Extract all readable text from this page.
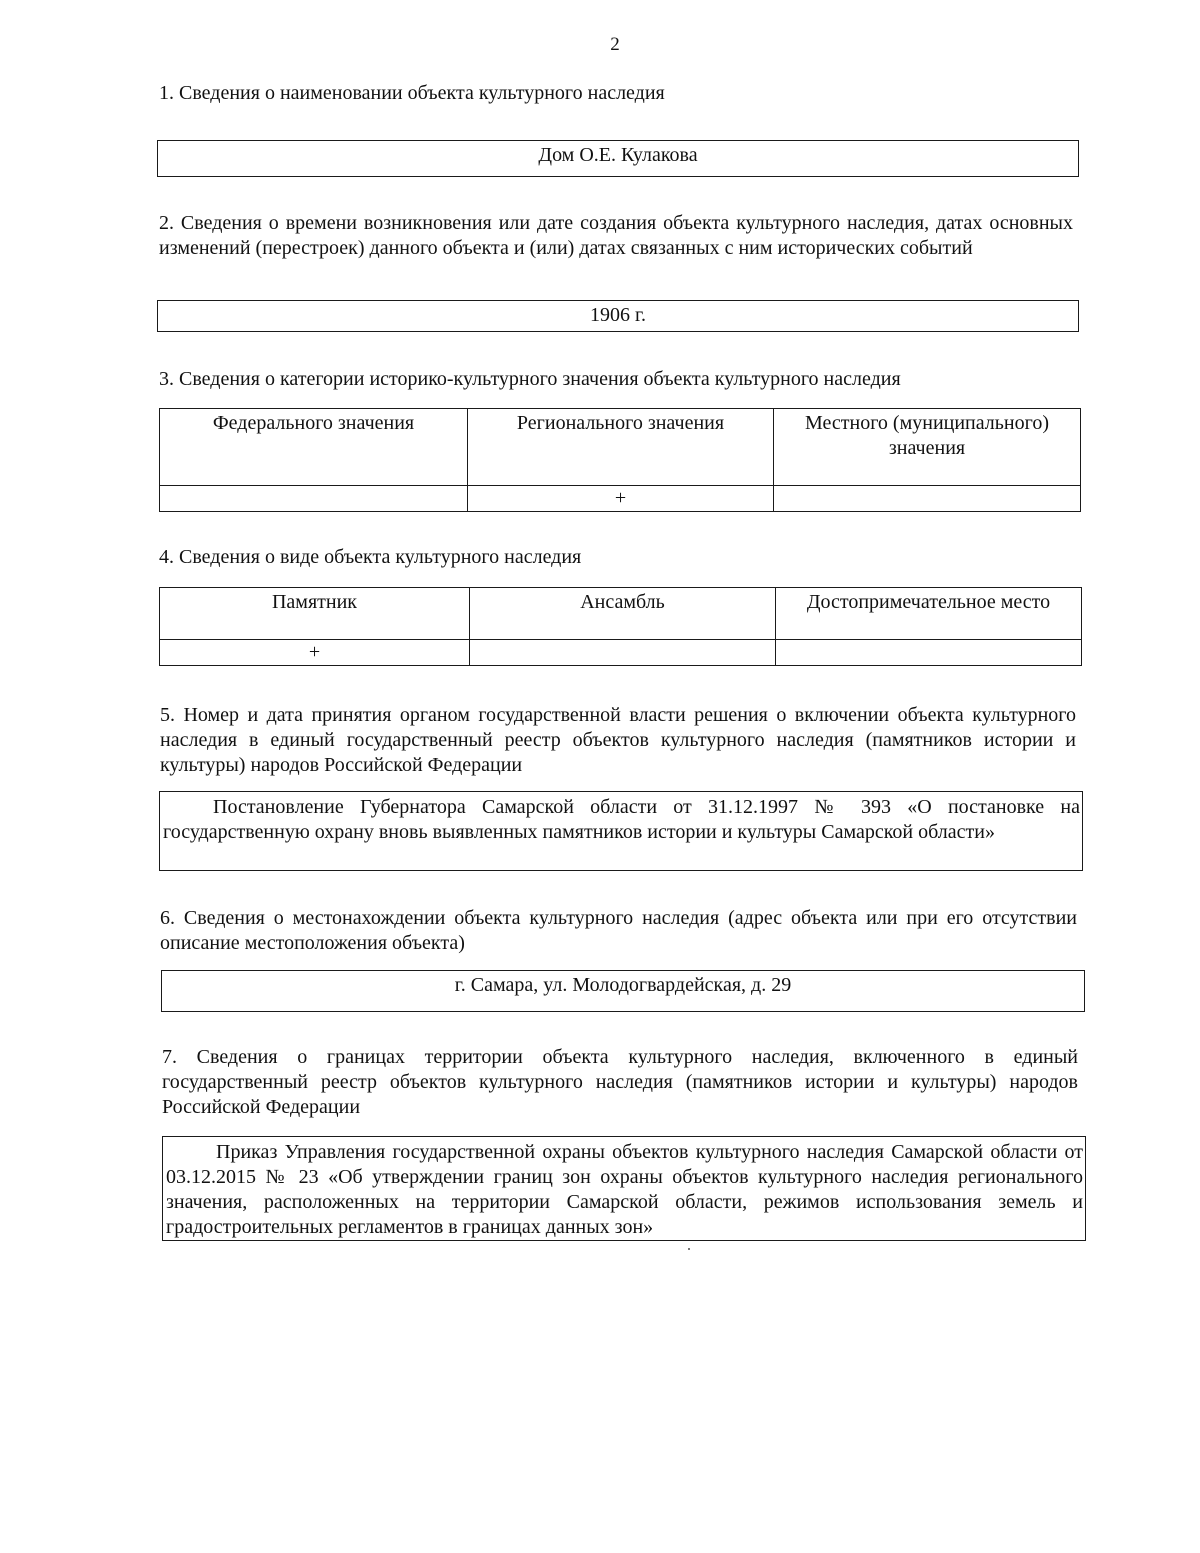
2
1. Сведения о наименовании объекта культурного наследия
Дом О.Е. Кулакова
2. Сведения о времени возникновения или дате создания объекта культурного наследия, датах основных изменений (перестроек) данного объекта и (или) датах связанных с ним исторических событий
1906 г.
3. Сведения о категории историко-культурного значения объекта культурного наследия
Федерального значения	Регионального значения	Местного (муниципального) значения
	+	
4. Сведения о виде объекта культурного наследия
Памятник	Ансамбль	Достопримечательное место
+		
5. Номер и дата принятия органом государственной власти решения о включении объекта культурного наследия в единый государственный реестр объектов культурного наследия (памятников истории и культуры) народов Российской Федерации
Постановление Губернатора Самарской области от 31.12.1997 № 393 «О постановке на государственную охрану вновь выявленных памятников истории и культуры Самарской области»
6. Сведения о местонахождении объекта культурного наследия (адрес объекта или при его отсутствии описание местоположения объекта)
г. Самара, ул. Молодогвардейская, д. 29
7. Сведения о границах территории объекта культурного наследия, включенного в единый государственный реестр объектов культурного наследия (памятников истории и культуры) народов Российской Федерации
Приказ Управления государственной охраны объектов культурного наследия Самарской области от 03.12.2015 № 23 «Об утверждении границ зон охраны объектов культурного наследия регионального значения, расположенных на территории Самарской области, режимов использования земель и градостроительных регламентов в границах данных зон»
